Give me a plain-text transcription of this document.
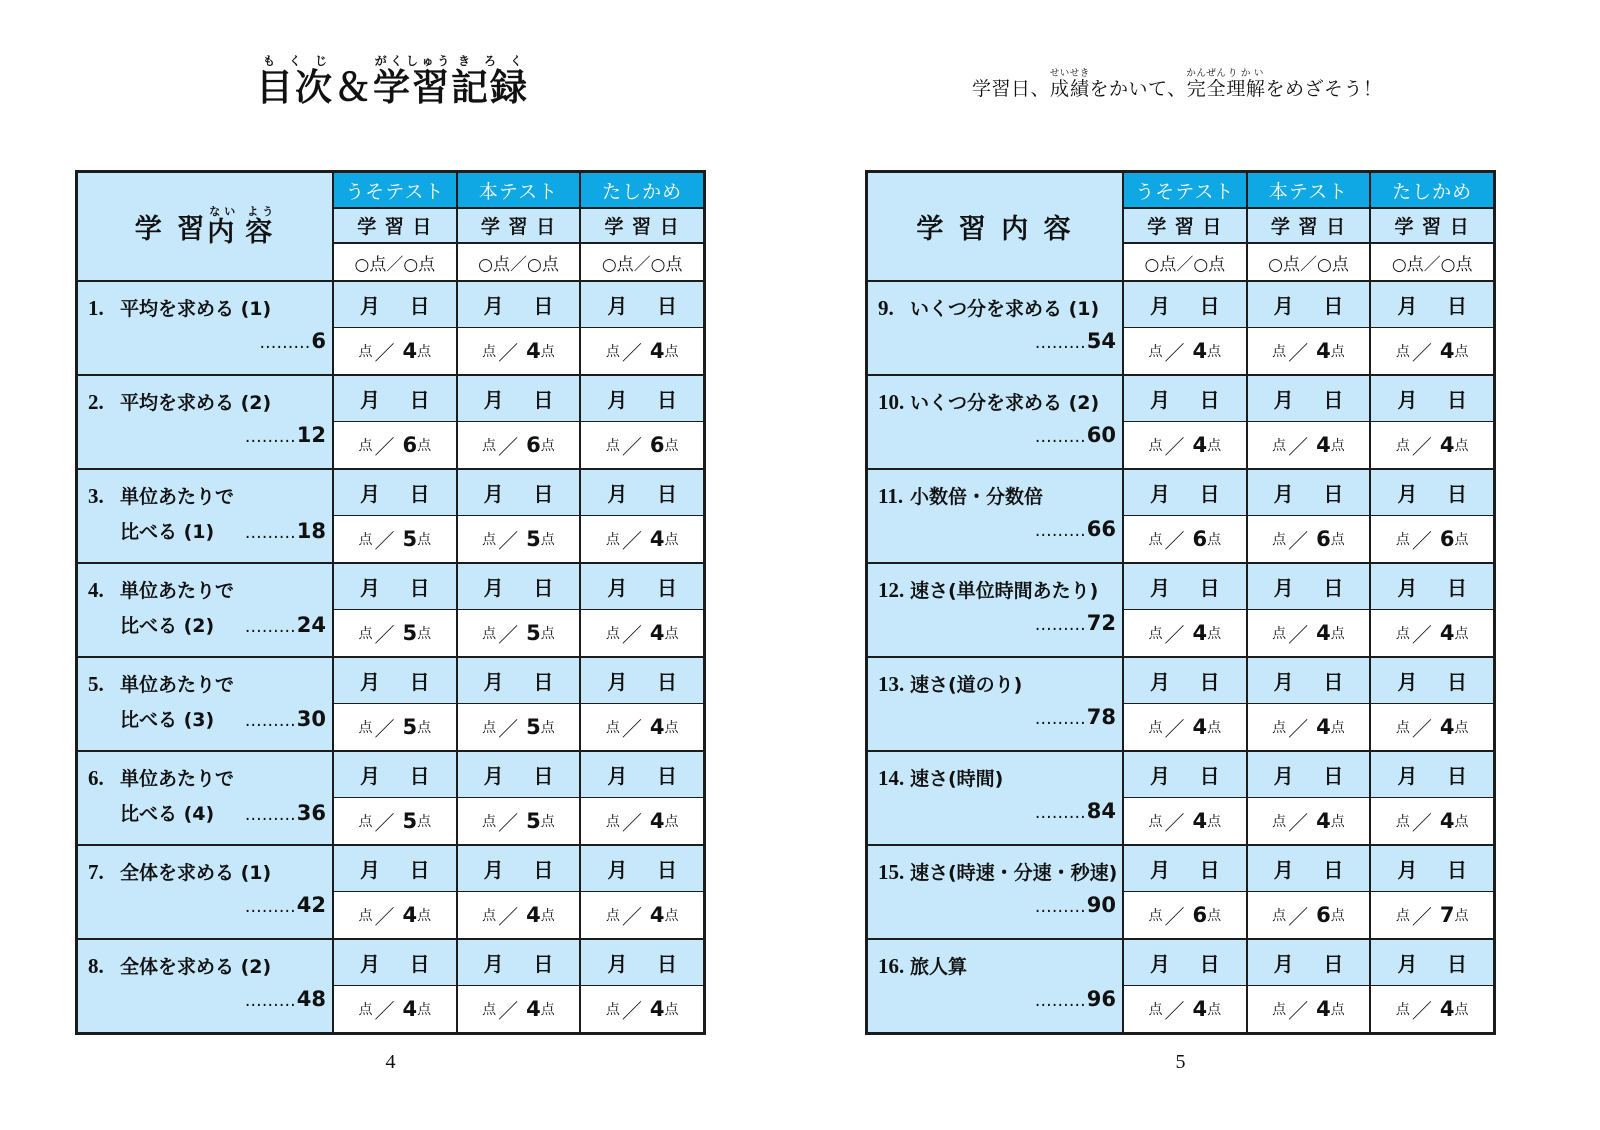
目次もくじ＆学習がくしゅう記録きろく
学習日、成績せいせきをかいて、完全かんぜん理解りかいをめざそう！
学 習 内ない
容よう
うそテスト	本テスト	たしかめ
学 習 日	学 習 日	学 習 日
○点／○点	○点／○点	○点／○点
1. 平均を求める (1)
……… 6
月 日	月 日	月 日
点 ／ 4 点	点 ／ 4 点	点 ／ 4 点
2. 平均を求める (2)
……… 12
月 日	月 日	月 日
点 ／ 6 点	点 ／ 6 点	点 ／ 6 点
3. 単位あたりで
比べる (1) ……… 18
月 日	月 日	月 日
点 ／ 5 点	点 ／ 5 点	点 ／ 4 点
4. 単位あたりで
比べる (2) ……… 24
月 日	月 日	月 日
点 ／ 5 点	点 ／ 5 点	点 ／ 4 点
5. 単位あたりで
比べる (3) ……… 30
月 日	月 日	月 日
点 ／ 5 点	点 ／ 5 点	点 ／ 4 点
6. 単位あたりで
比べる (4) ……… 36
月 日	月 日	月 日
点 ／ 5 点	点 ／ 5 点	点 ／ 4 点
7. 全体を求める (1)
……… 42
月 日	月 日	月 日
点 ／ 4 点	点 ／ 4 点	点 ／ 4 点
8. 全体を求める (2)
……… 48
月 日	月 日	月 日
点 ／ 4 点	点 ／ 4 点	点 ／ 4 点
4
学 習 内 容
うそテスト	本テスト	たしかめ
学 習 日	学 習 日	学 習 日
○点／○点	○点／○点	○点／○点
9. いくつ分を求める (1)
……… 54
月 日	月 日	月 日
点 ／ 4 点	点 ／ 4 点	点 ／ 4 点
10. いくつ分を求める (2)
……… 60
月 日	月 日	月 日
点 ／ 4 点	点 ／ 4 点	点 ／ 4 点
11. 小数倍・分数倍
……… 66
月 日	月 日	月 日
点 ／ 6 点	点 ／ 6 点	点 ／ 6 点
12. 速さ(単位時間あたり)
……… 72
月 日	月 日	月 日
点 ／ 4 点	点 ／ 4 点	点 ／ 4 点
13. 速さ(道のり)
……… 78
月 日	月 日	月 日
点 ／ 4 点	点 ／ 4 点	点 ／ 4 点
14. 速さ(時間)
……… 84
月 日	月 日	月 日
点 ／ 4 点	点 ／ 4 点	点 ／ 4 点
15. 速さ(時速・分速・秒速)
……… 90
月 日	月 日	月 日
点 ／ 6 点	点 ／ 6 点	点 ／ 7 点
16. 旅人算
……… 96
月 日	月 日	月 日
点 ／ 4 点	点 ／ 4 点	点 ／ 4 点
5
